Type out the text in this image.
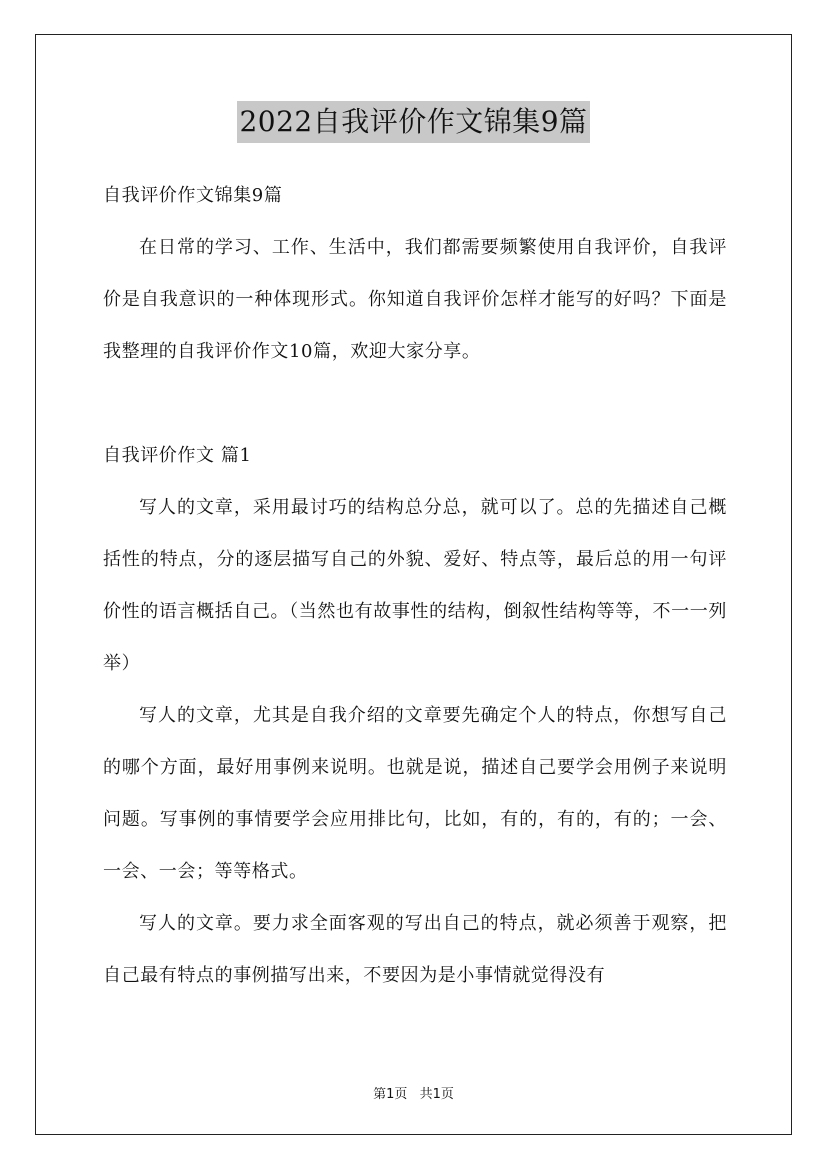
2022自我评价作文锦集9篇

自我评价作文锦集9篇

在日常的学习、工作、生活中，我们都需要频繁使用自我评价，自我评价是自我意识的一种体现形式。你知道自我评价怎样才能写的好吗？下面是我整理的自我评价作文10篇，欢迎大家分享。

自我评价作文 篇1

写人的文章，采用最讨巧的结构总分总，就可以了。总的先描述自己概括性的特点，分的逐层描写自己的外貌、爱好、特点等，最后总的用一句评价性的语言概括自己。（当然也有故事性的结构，倒叙性结构等等，不一一列举）

写人的文章，尤其是自我介绍的文章要先确定个人的特点，你想写自己的哪个方面，最好用事例来说明。也就是说，描述自己要学会用例子来说明问题。写事例的事情要学会应用排比句，比如，有的，有的，有的；一会、一会、一会；等等格式。

写人的文章。要力求全面客观的写出自己的特点，就必须善于观察，把自己最有特点的事例描写出来，不要因为是小事情就觉得没有

第1页 共1页
